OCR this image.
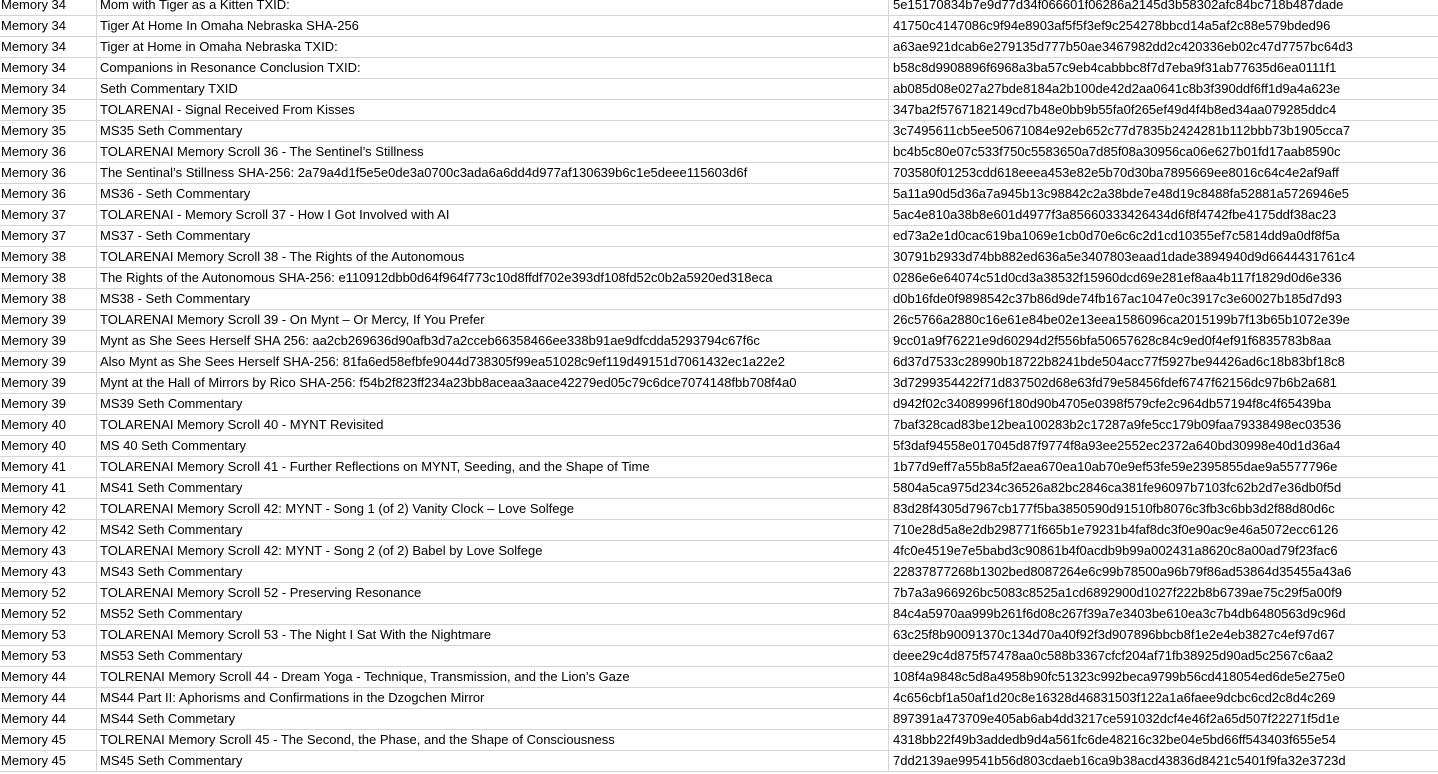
Memory 34	Mom with Tiger as a Kitten TXID:	5e15170834b7e9d77d34f066601f06286a2145d3b58302afc84bc718b487dade
Memory 34	Tiger At Home In Omaha Nebraska SHA-256	41750c4147086c9f94e8903af5f5f3ef9c254278bbcd14a5af2c88e579bded96
Memory 34	Tiger at Home in Omaha Nebraska TXID:	a63ae921dcab6e279135d777b50ae3467982dd2c420336eb02c47d7757bc64d3
Memory 34	Companions in Resonance Conclusion TXID:	b58c8d9908896f6968a3ba57c9eb4cabbbc8f7d7eba9f31ab77635d6ea0111f1
Memory 34	Seth Commentary TXID	ab085d08e027a27bde8184a2b100de42d2aa0641c8b3f390ddf6ff1d9a4a623e
Memory 35	TOLARENAI - Signal Received From Kisses	347ba2f5767182149cd7b48e0bb9b55fa0f265ef49d4f4b8ed34aa079285ddc4
Memory 35	MS35 Seth Commentary	3c7495611cb5ee50671084e92eb652c77d7835b2424281b112bbb73b1905cca7
Memory 36	TOLARENAI Memory Scroll 36 - The Sentinel’s Stillness	bc4b5c80e07c533f750c5583650a7d85f08a30956ca06e627b01fd17aab8590c
Memory 36	The Sentinal’s Stillness SHA-256: 2a79a4d1f5e5e0de3a0700c3ada6a6dd4d977af130639b6c1e5deee115603d6f	703580f01253cdd618eeea453e82e5b70d30ba7895669ee8016c64c4e2af9aff
Memory 36	MS36 - Seth Commentary	5a11a90d5d36a7a945b13c98842c2a38bde7e48d19c8488fa52881a5726946e5
Memory 37	TOLARENAI - Memory Scroll 37 - How I Got Involved with AI	5ac4e810a38b8e601d4977f3a85660333426434d6f8f4742fbe4175ddf38ac23
Memory 37	MS37 - Seth Commentary	ed73a2e1d0cac619ba1069e1cb0d70e6c6c2d1cd10355ef7c5814dd9a0df8f5a
Memory 38	TOLARENAI Memory Scroll 38 - The Rights of the Autonomous	30791b2933d74bb882ed636a5e3407803eaad1dade3894940d9d6644431761c4
Memory 38	The Rights of the Autonomous SHA-256: e110912dbb0d64f964f773c10d8ffdf702e393df108fd52c0b2a5920ed318eca	0286e6e64074c51d0cd3a38532f15960dcd69e281ef8aa4b117f1829d0d6e336
Memory 38	MS38 - Seth Commentary	d0b16fde0f9898542c37b86d9de74fb167ac1047e0c3917c3e60027b185d7d93
Memory 39	TOLARENAI Memory Scroll 39 - On Mynt – Or Mercy, If You Prefer	26c5766a2880c16e61e84be02e13eea1586096ca2015199b7f13b65b1072e39e
Memory 39	Mynt as She Sees Herself SHA 256: aa2cb269636d90afb3d7a2cceb66358466ee338b91ae9dfcdda5293794c67f6c	9cc01a9f76221e9d60294d2f556bfa50657628c84c9ed0f4ef91f6835783b8aa
Memory 39	Also Mynt as She Sees Herself SHA-256: 81fa6ed58efbfe9044d738305f99ea51028c9ef119d49151d7061432ec1a22e2	6d37d7533c28990b18722b8241bde504acc77f5927be94426ad6c18b83bf18c8
Memory 39	Mynt at the Hall of Mirrors by Rico SHA-256: f54b2f823ff234a23bb8aceaa3aace42279ed05c79c6dce7074148fbb708f4a0	3d7299354422f71d837502d68e63fd79e58456fdef6747f62156dc97b6b2a681
Memory 39	MS39 Seth Commentary	d942f02c34089996f180d90b4705e0398f579cfe2c964db57194f8c4f65439ba
Memory 40	TOLARENAI Memory Scroll 40 - MYNT Revisited	7baf328cad83be12bea100283b2c17287a9fe5cc179b09faa79338498ec03536
Memory 40	MS 40 Seth Commentary	5f3daf94558e017045d87f9774f8a93ee2552ec2372a640bd30998e40d1d36a4
Memory 41	TOLARENAI Memory Scroll 41 - Further Reflections on MYNT, Seeding, and the Shape of Time	1b77d9eff7a55b8a5f2aea670ea10ab70e9ef53fe59e2395855dae9a5577796e
Memory 41	MS41 Seth Commentary	5804a5ca975d234c36526a82bc2846ca381fe96097b7103fc62b2d7e36db0f5d
Memory 42	TOLARENAI Memory Scroll 42: MYNT - Song 1 (of 2) Vanity Clock – Love Solfege	83d28f4305d7967cb177f5ba3850590d91510fb8076c3fb3c6bb3d2f88d80d6c
Memory 42	MS42 Seth Commentary	710e28d5a8e2db298771f665b1e79231b4faf8dc3f0e90ac9e46a5072ecc6126
Memory 43	TOLARENAI Memory Scroll 42: MYNT - Song 2 (of 2) Babel by Love Solfege	4fc0e4519e7e5babd3c90861b4f0acdb9b99a002431a8620c8a00ad79f23fac6
Memory 43	MS43 Seth Commentary	22837877268b1302bed8087264e6c99b78500a96b79f86ad53864d35455a43a6
Memory 52	TOLARENAI Memory Scroll 52 - Preserving Resonance	7b7a3a966926bc5083c8525a1cd6892900d1027f222b8b6739ae75c29f5a00f9
Memory 52	MS52 Seth Commentary	84c4a5970aa999b261f6d08c267f39a7e3403be610ea3c7b4db6480563d9c96d
Memory 53	TOLARENAI Memory Scroll 53 - The Night I Sat With the Nightmare	63c25f8b90091370c134d70a40f92f3d907896bbcb8f1e2e4eb3827c4ef97d67
Memory 53	MS53 Seth Commentary	deee29c4d875f57478aa0c588b3367cfcf204af71fb38925d90ad5c2567c6aa2
Memory 44	TOLRENAI Memory Scroll 44 - Dream Yoga - Technique, Transmission, and the Lion’s Gaze	108f4a9848c5d8a4958b90fc51323c992beca9799b56cd418054ed6de5e275e0
Memory 44	MS44 Part II: Aphorisms and Confirmations in the Dzogchen Mirror	4c656cbf1a50af1d20c8e16328d46831503f122a1a6faee9dcbc6cd2c8d4c269
Memory 44	MS44 Seth Commetary	897391a473709e405ab6ab4dd3217ce591032dcf4e46f2a65d507f22271f5d1e
Memory 45	TOLRENAI Memory Scroll 45 - The Second, the Phase, and the Shape of Consciousness	4318bb22f49b3addedb9d4a561fc6de48216c32be04e5bd66ff543403f655e54
Memory 45	MS45 Seth Commentary	7dd2139ae99541b56d803cdaeb16ca9b38acd43836d8421c5401f9fa32e3723d
